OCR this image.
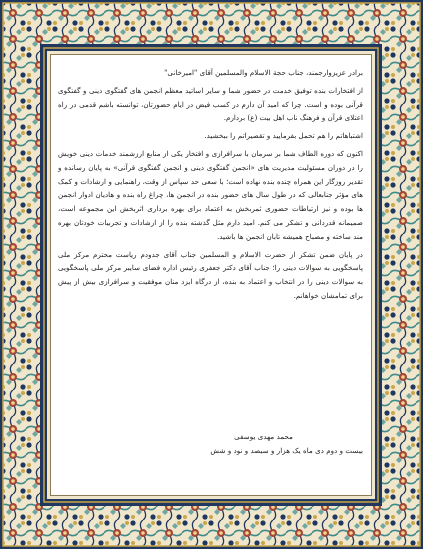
برادر عزیزوارجمند، جناب حجة الاسلام والمسلمین آقای "امیرخانی"

از افتخارات بنده توفیق خدمت در حضور شما و سایر اساتید معظم انجمن های گفتگوی دینی و گفتگوی قرآنی بوده و است. چرا که امید آن دارم در کسب فیض در ایام حضورتان، توانسته باشم قدمی در راه اعتلای قرآن و فرهنگ ناب اهل بیت (ع) بردارم.

اشتباهاتم را هم تحمل بفرمایید و تقصیراتم را ببخشید.

اکنون که دوره الطاف شما بر سرمان با سرافرازی و افتخار یکی از منابع ارزشمند خدمات دینی خویش را در دوران مسئولیت مدیریت های «انجمن گفتگوی دینی و انجمن گفتگوی قرآنی» به پایان رسانده و تقدیر روزگار این همراه چنده بنده نهاده است؛ با سعی حد سپاس از وقت، راهنمایی و ارشادات و کمک های مؤثر جنابعالی که در طول سال های حضور بنده در انجمن ها، چراغ راه بنده و هادیان ادوار انجمن ها بوده و نیز ارتباطات حضوری ثمربخش به اعتماد برای بهره برداری اثربخش این مجموعه است، صمیمانه قدردانی و تشکر می کنم. امید دارم مثل گذشته بنده را از ارشادات و تجربیات خودتان بهره مند ساخته و مصباح همیشه تابان انجمن ها باشید.

در پایان ضمن تشکر از حضرت الاسلام و المسلمین جناب آقای جدودم ریاست محترم مرکز ملی پاسخگویی به سوالات دینی را؛ جناب آقای دکتر جعفری رئیس اداره فضای سایبر مرکز ملی پاسخگویی به سوالات دینی را در انتخاب و اعتماد به بنده، از درگاه ایزد منان موفقیت و سرافرازی بیش از پیش برای تمامشان خواهانم.

محمد مهدی یوسفی
بیست و دوم دی ماه یک هزار و سیصد و نود و شش
